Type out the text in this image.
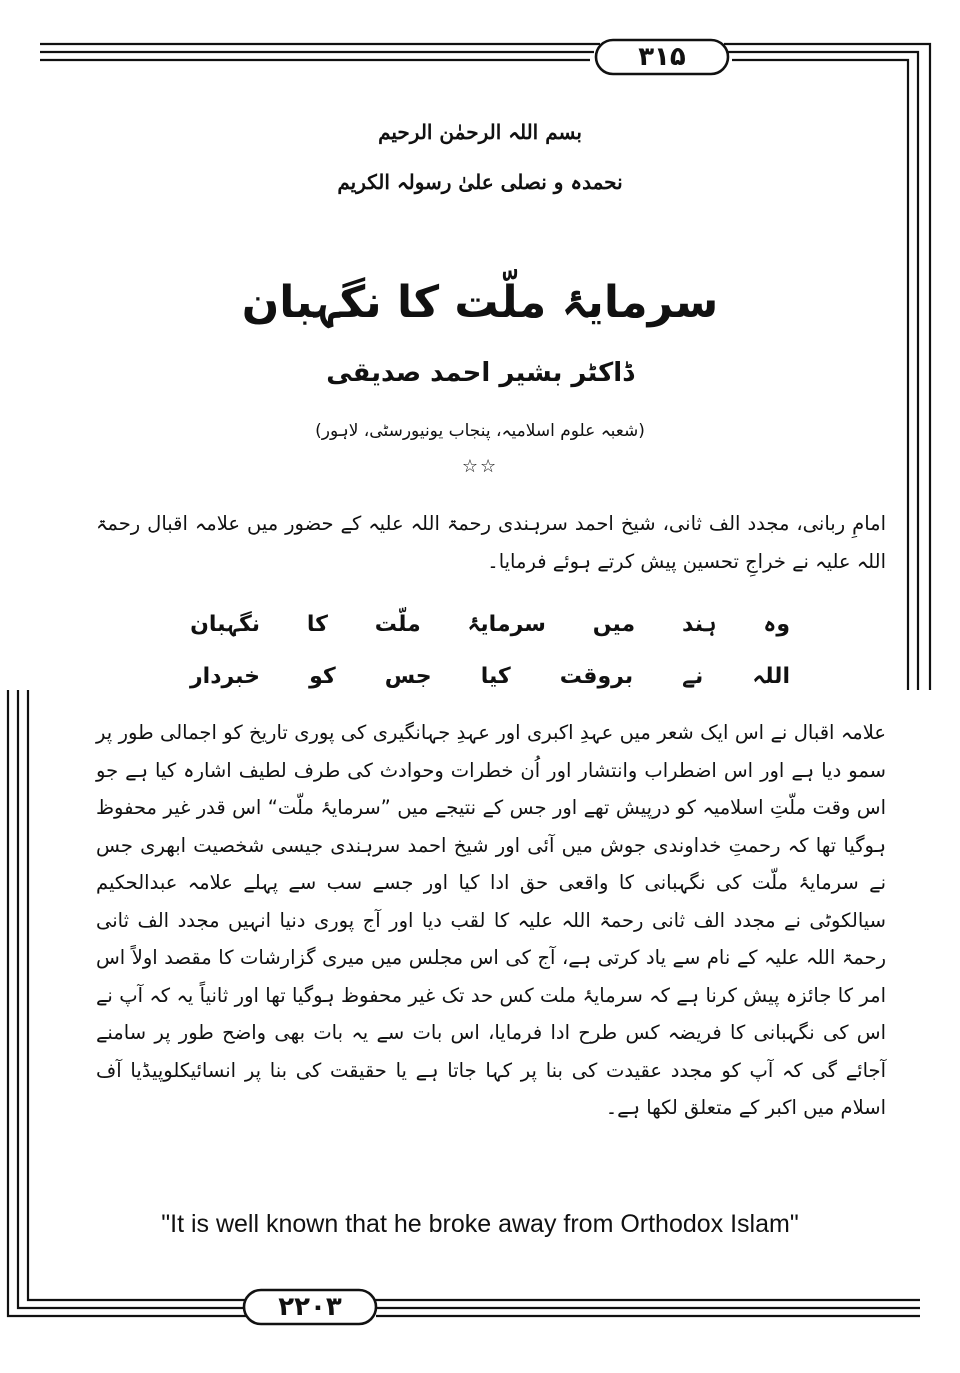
۳۱۵
۲۲۰۳
بسم اللہ الرحمٰن الرحیم
نحمدہ و نصلی علیٰ رسولہ الکریم
سرمایۂ ملّت کا نگہبان
ڈاکٹر بشیر احمد صدیقی
(شعبہ علوم اسلامیہ، پنجاب یونیورسٹی، لاہور)
☆☆
امامِ ربانی، مجدد الف ثانی، شیخ احمد سرہندی رحمۃ اللہ علیہ کے حضور میں علامہ اقبال رحمۃ اللہ علیہ نے خراجِ تحسین پیش کرتے ہوئے فرمایا۔
وہ
ہند
میں
سرمایۂ
ملّت
کا
نگہبان
اللہ
نے
بروقت
کیا
جس
کو
خبردار
علامہ اقبال نے اس ایک شعر میں عہدِ اکبری اور عہدِ جہانگیری کی پوری تاریخ کو اجمالی طور پر سمو دیا ہے اور اس اضطراب وانتشار اور اُن خطرات وحوادث کی طرف لطیف اشارہ کیا ہے جو اس وقت ملّتِ اسلامیہ کو درپیش تھے اور جس کے نتیجے میں ”سرمایۂ ملّت“ اس قدر غیر محفوظ ہوگیا تھا کہ رحمتِ خداوندی جوش میں آئی اور شیخ احمد سرہندی جیسی شخصیت ابھری جس نے سرمایۂ ملّت کی نگہبانی کا واقعی حق ادا کیا اور جسے سب سے پہلے علامہ عبدالحکیم سیالکوٹی نے مجدد الف ثانی رحمۃ اللہ علیہ کا لقب دیا اور آج پوری دنیا انہیں مجدد الف ثانی رحمۃ اللہ علیہ کے نام سے یاد کرتی ہے، آج کی اس مجلس میں میری گزارشات کا مقصد اولاً اس امر کا جائزہ پیش کرنا ہے کہ سرمایۂ ملت کس حد تک غیر محفوظ ہوگیا تھا اور ثانیاً یہ کہ آپ نے اس کی نگہبانی کا فریضہ کس طرح ادا فرمایا، اس بات سے یہ بات بھی واضح طور پر سامنے آجائے گی کہ آپ کو مجدد عقیدت کی بنا پر کہا جاتا ہے یا حقیقت کی بنا پر انسائیکلوپیڈیا آف اسلام میں اکبر کے متعلق لکھا ہے۔
"It is well known that he broke away from Orthodox Islam"
